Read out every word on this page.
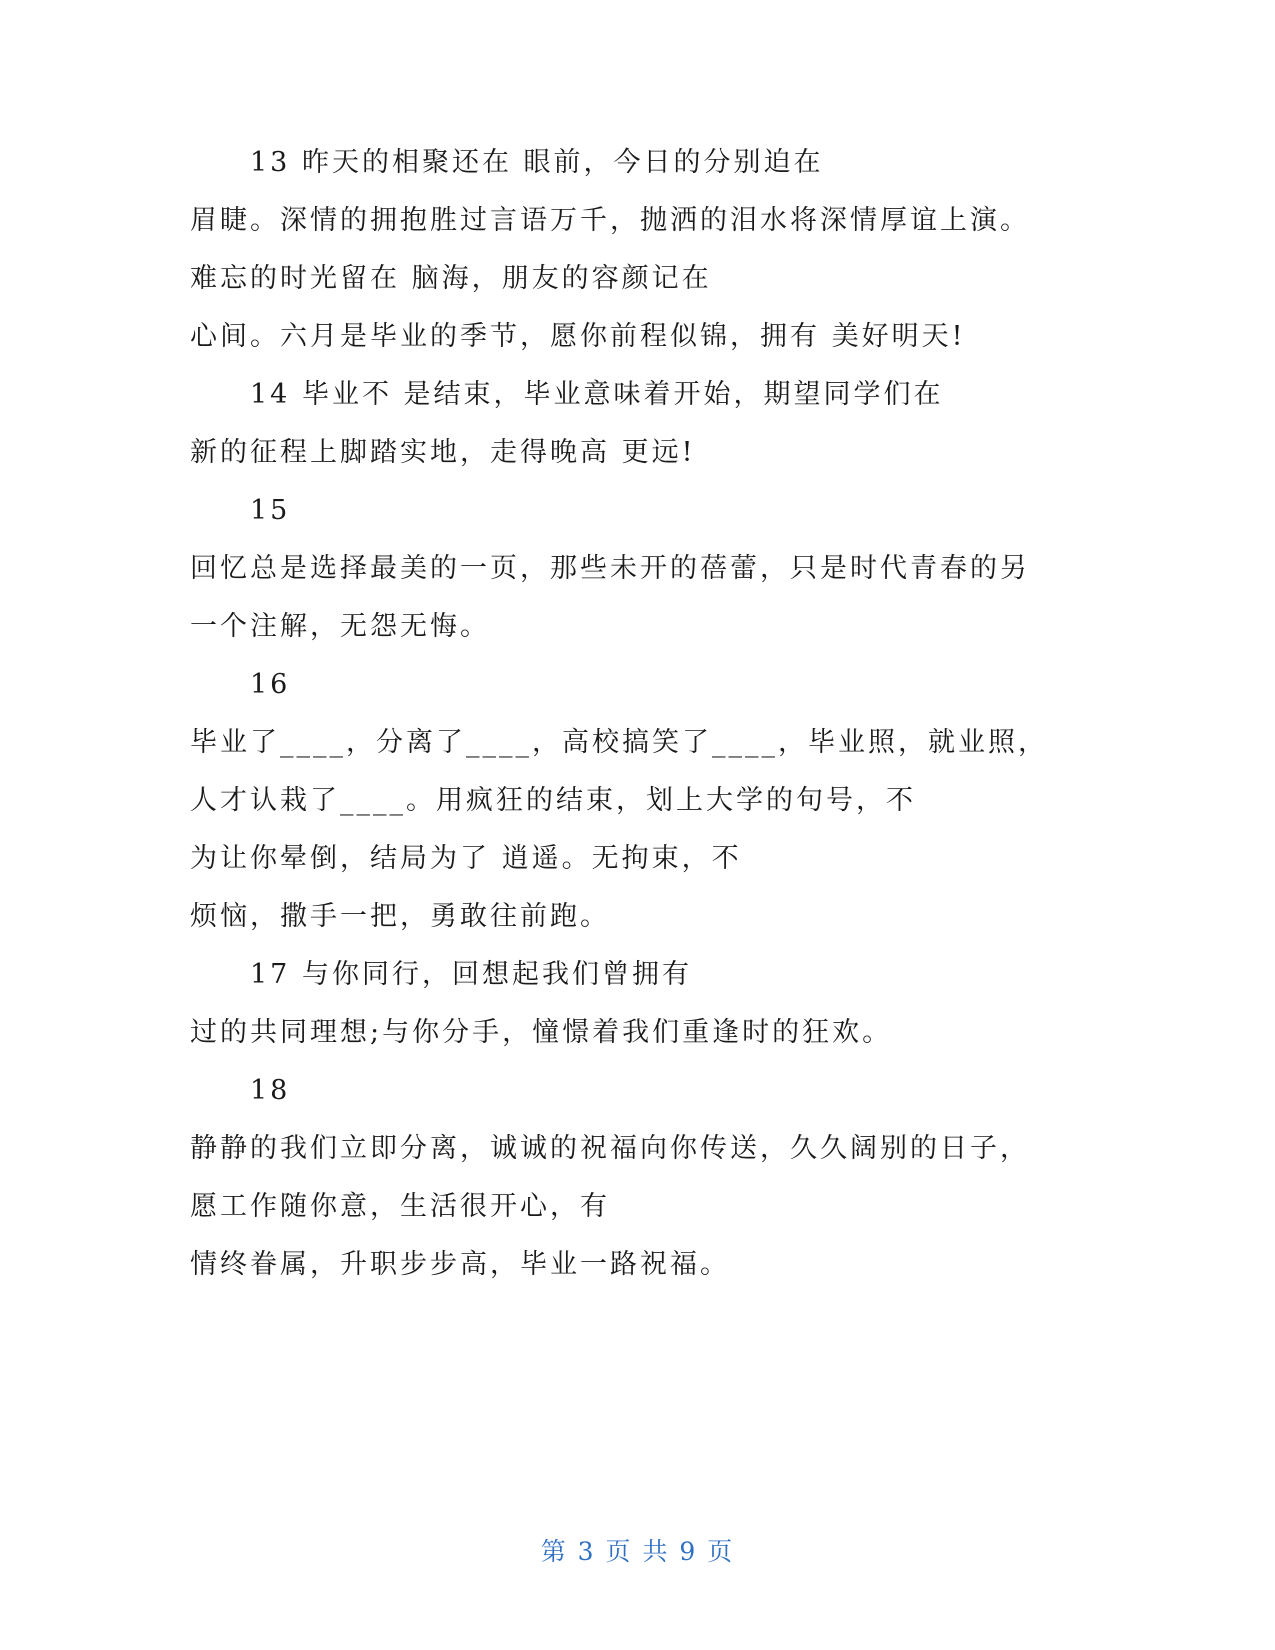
13 昨天的相聚还在 眼前，今日的分别迫在
眉睫。深情的拥抱胜过言语万千，抛洒的泪水将深情厚谊上演。
难忘的时光留在 脑海，朋友的容颜记在
心间。六月是毕业的季节，愿你前程似锦，拥有 美好明天!
14 毕业不 是结束，毕业意味着开始，期望同学们在
新的征程上脚踏实地，走得晚高 更远!
15
回忆总是选择最美的一页，那些未开的蓓蕾，只是时代青春的另
一个注解，无怨无悔。
16
毕业了____，分离了____，高校搞笑了____，毕业照，就业照，
人才认栽了____。用疯狂的结束，划上大学的句号，不
为让你晕倒，结局为了 逍遥。无拘束，不
烦恼，撒手一把，勇敢往前跑。
17 与你同行，回想起我们曾拥有
过的共同理想;与你分手，憧憬着我们重逢时的狂欢。
18
静静的我们立即分离，诚诚的祝福向你传送，久久阔别的日子，
愿工作随你意，生活很开心，有
情终眷属，升职步步高，毕业一路祝福。
第 3 页 共 9 页
